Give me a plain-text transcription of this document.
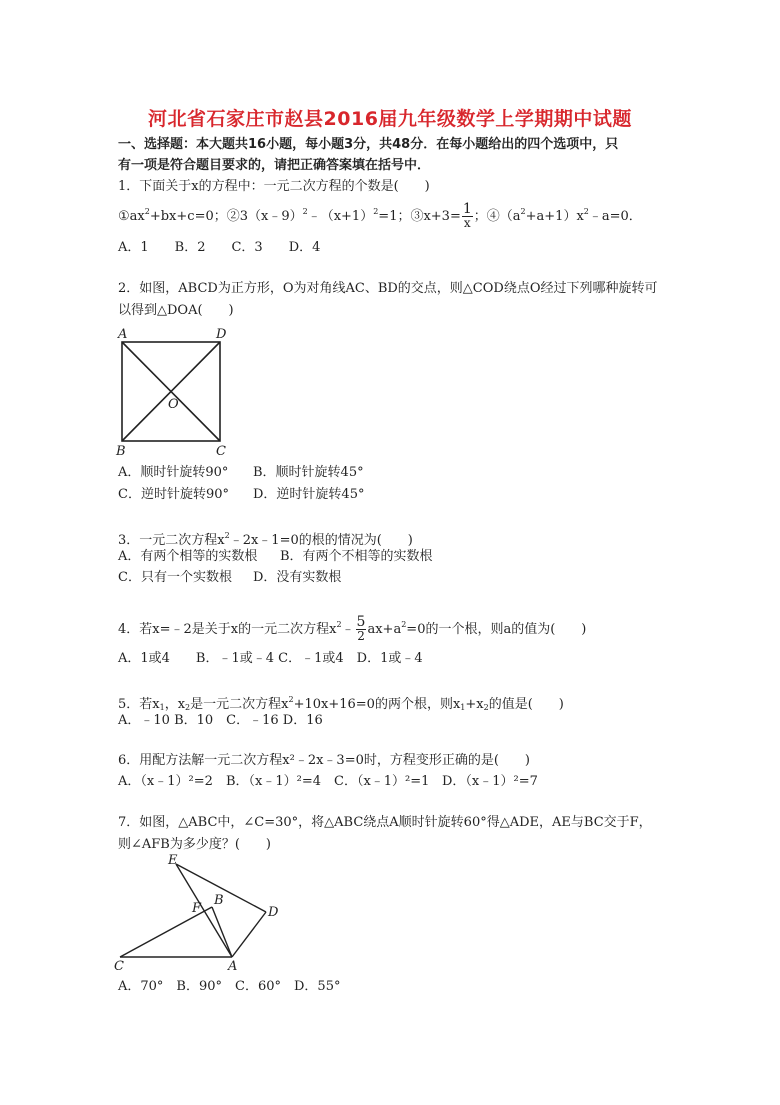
河北省石家庄市赵县2016届九年级数学上学期期中试题
一、选择题：本大题共16小题，每小题3分，共48分．在每小题给出的四个选项中，只
有一项是符合题目要求的，请把正确答案填在括号中．
1．下面关于x的方程中：一元二次方程的个数是(　　)
$①ax^2+bx+c=0$；$②3(x﹣9)^2﹣(x+1)^2=1$；③x+3= $\frac{1}{x}$ ；$④(a^2+a+1)x^2﹣a=0$．
A．1　　B．2　　C．3　　D．4
2．如图，ABCD为正方形，O为对角线AC、BD的交点，则△COD绕点O经过下列哪种旋转可
以得到△DOA(　　)
A	D
O
B	C
A．顺时针旋转90° B．顺时针旋转45°
C．逆时针旋转90° D．逆时针旋转45°
3．一元二次方程$x^2﹣2x﹣1=0$的根的情况为(　　)
A．有两个相等的实数根 B．有两个不相等的实数根
C．只有一个实数根 D．没有实数根
4．若x=﹣2是关于x的一元二次方程$x^2﹣ \frac{5}{2} ax+a^2=0$的一个根，则a的值为(　　)
A．1或4　　B．﹣1或﹣4 C．﹣1或4　D．1或﹣4
5．若$x_1$，$x_2$是一元二次方程$x^2+10x+16=0$的两个根，则$x_1+x_2$的值是(　　)
A．﹣10 B．10　C．﹣16 D．16
6．用配方法解一元二次方程x²﹣2x﹣3=0时，方程变形正确的是(　　)
A．（x﹣1）²=2 B．（x﹣1）²=4 C．（x﹣1）²=1 D．（x﹣1）²=7
7．如图，△ABC中，∠C=30°，将△ABC绕点A顺时针旋转60°得△ADE，AE与BC交于F，
则∠AFB为多少度？(　　)
E
F
B
D
C	A
A．70°　B．90°　C．60°　D．55°
